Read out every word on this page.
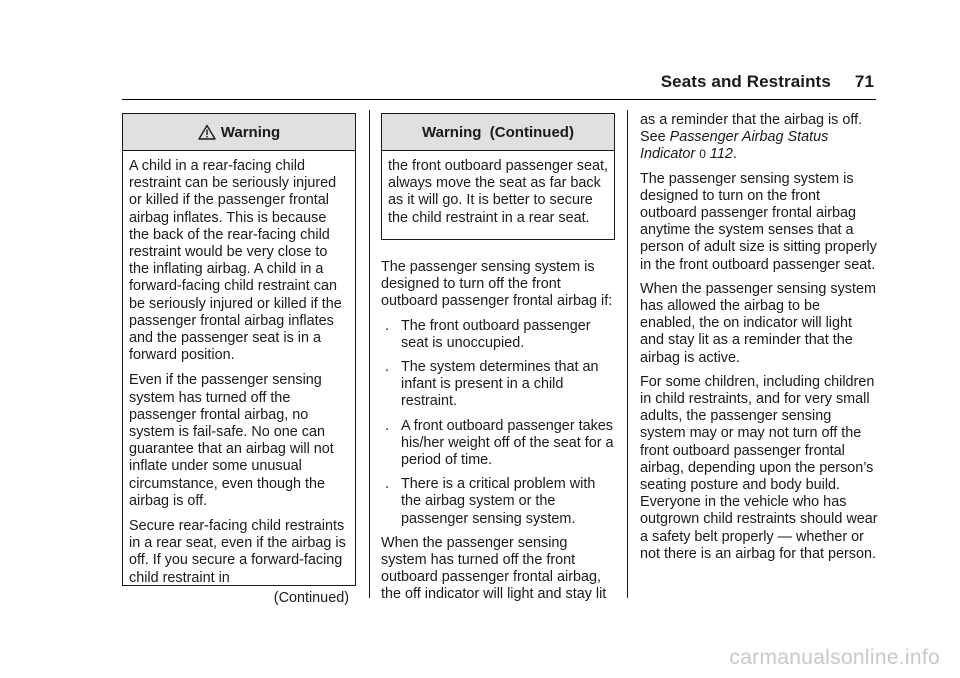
Seats and Restraints 71
Warning

A child in a rear-facing child restraint can be seriously injured or killed if the passenger frontal airbag inflates. This is because the back of the rear-facing child restraint would be very close to the inflating airbag. A child in a forward-facing child restraint can be seriously injured or killed if the passenger frontal airbag inflates and the passenger seat is in a forward position.

Even if the passenger sensing system has turned off the passenger frontal airbag, no system is fail-safe. No one can guarantee that an airbag will not inflate under some unusual circumstance, even though the airbag is off.

Secure rear-facing child restraints in a rear seat, even if the airbag is off. If you secure a forward-facing child restraint in

(Continued)
Warning  (Continued)

the front outboard passenger seat, always move the seat as far back as it will go. It is better to secure the child restraint in a rear seat.

The passenger sensing system is designed to turn off the front outboard passenger frontal airbag if:

. The front outboard passenger seat is unoccupied.
. The system determines that an infant is present in a child restraint.
. A front outboard passenger takes his/her weight off of the seat for a period of time.
. There is a critical problem with the airbag system or the passenger sensing system.

When the passenger sensing system has turned off the front outboard passenger frontal airbag, the off indicator will light and stay lit

as a reminder that the airbag is off. See Passenger Airbag Status Indicator 0 112.

The passenger sensing system is designed to turn on the front outboard passenger frontal airbag anytime the system senses that a person of adult size is sitting properly in the front outboard passenger seat.

When the passenger sensing system has allowed the airbag to be enabled, the on indicator will light and stay lit as a reminder that the airbag is active.

For some children, including children in child restraints, and for very small adults, the passenger sensing system may or may not turn off the front outboard passenger frontal airbag, depending upon the person’s seating posture and body build. Everyone in the vehicle who has outgrown child restraints should wear a safety belt properly — whether or not there is an airbag for that person.

carmanualsonline.info
